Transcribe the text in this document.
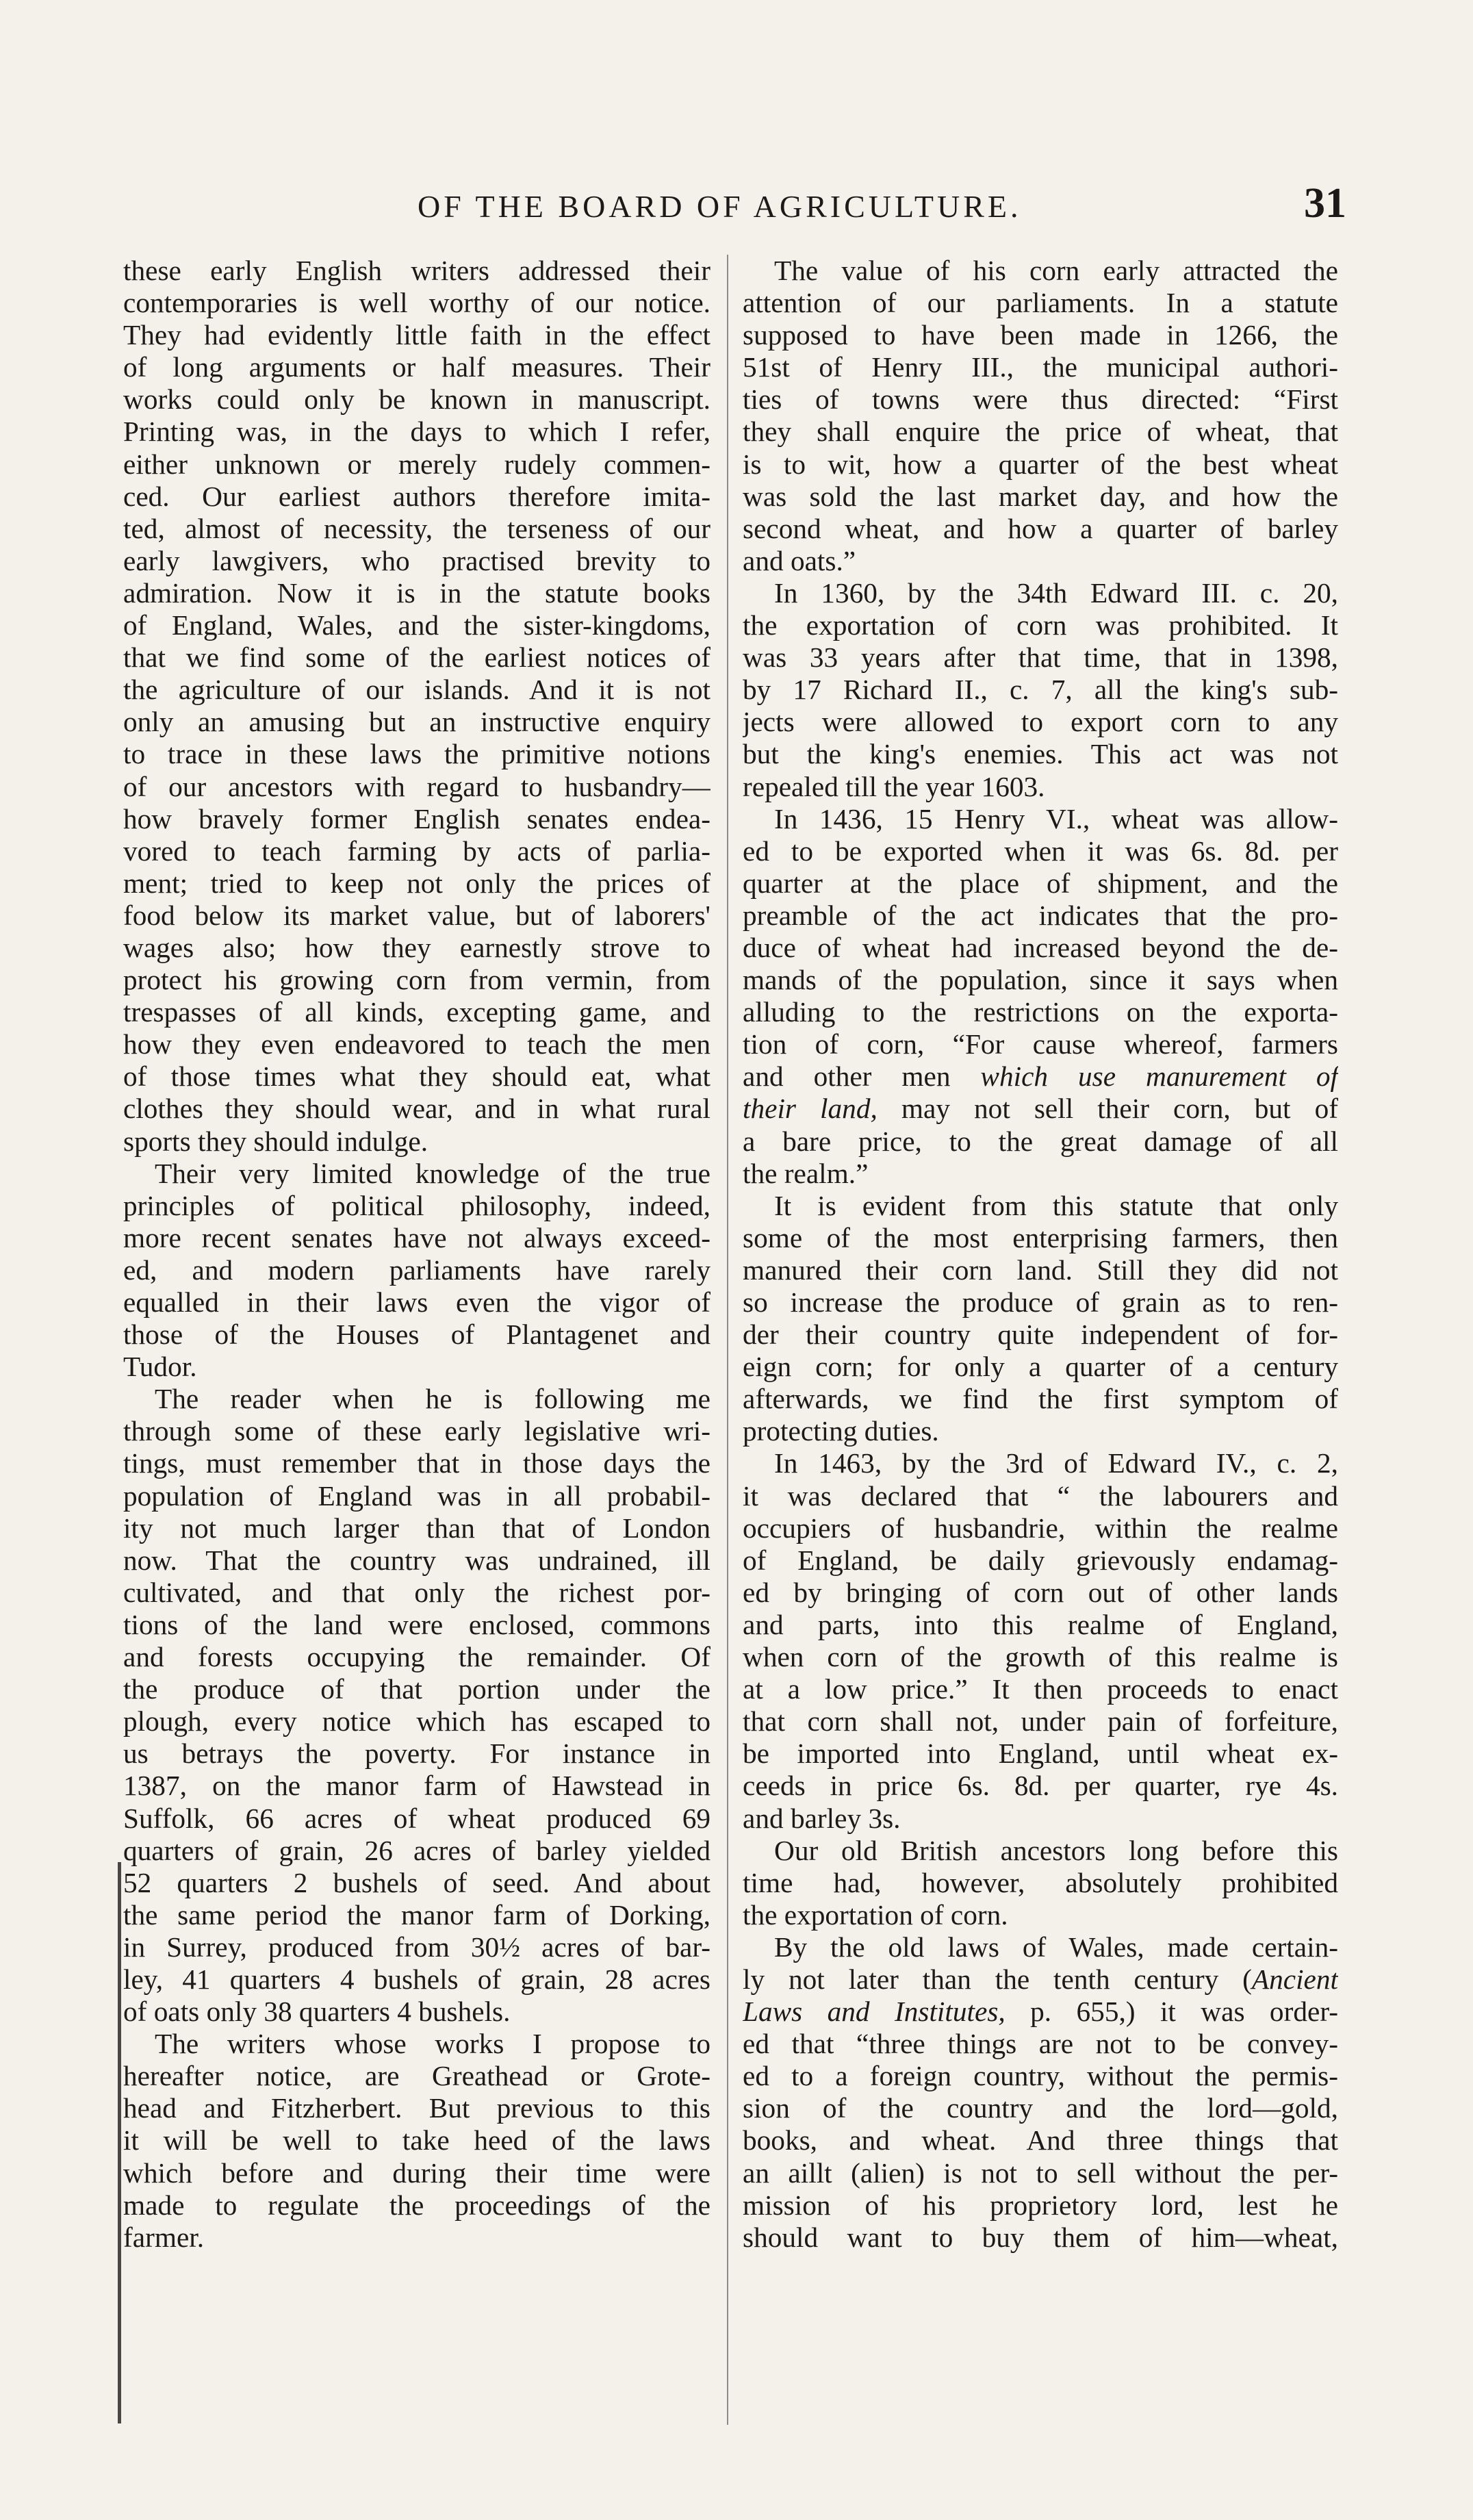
OF THE BOARD OF AGRICULTURE.	31
these early English writers addressed their
contemporaries is well worthy of our notice.
They had evidently little faith in the effect
of long arguments or half measures. Their
works could only be known in manuscript.
Printing was, in the days to which I refer,
either unknown or merely rudely commen-
ced. Our earliest authors therefore imita-
ted, almost of necessity, the terseness of our
early lawgivers, who practised brevity to
admiration. Now it is in the statute books
of England, Wales, and the sister-kingdoms,
that we find some of the earliest notices of
the agriculture of our islands. And it is not
only an amusing but an instructive enquiry
to trace in these laws the primitive notions
of our ancestors with regard to husbandry—
how bravely former English senates endea-
vored to teach farming by acts of parlia-
ment; tried to keep not only the prices of
food below its market value, but of laborers'
wages also; how they earnestly strove to
protect his growing corn from vermin, from
trespasses of all kinds, excepting game, and
how they even endeavored to teach the men
of those times what they should eat, what
clothes they should wear, and in what rural
sports they should indulge.
Their very limited knowledge of the true
principles of political philosophy, indeed,
more recent senates have not always exceed-
ed, and modern parliaments have rarely
equalled in their laws even the vigor of
those of the Houses of Plantagenet and
Tudor.
The reader when he is following me
through some of these early legislative wri-
tings, must remember that in those days the
population of England was in all probabil-
ity not much larger than that of London
now. That the country was undrained, ill
cultivated, and that only the richest por-
tions of the land were enclosed, commons
and forests occupying the remainder. Of
the produce of that portion under the
plough, every notice which has escaped to
us betrays the poverty. For instance in
1387, on the manor farm of Hawstead in
Suffolk, 66 acres of wheat produced 69
quarters of grain, 26 acres of barley yielded
52 quarters 2 bushels of seed. And about
the same period the manor farm of Dorking,
in Surrey, produced from 30½ acres of bar-
ley, 41 quarters 4 bushels of grain, 28 acres
of oats only 38 quarters 4 bushels.
The writers whose works I propose to
hereafter notice, are Greathead or Grote-
head and Fitzherbert. But previous to this
it will be well to take heed of the laws
which before and during their time were
made to regulate the proceedings of the
farmer.
The value of his corn early attracted the
attention of our parliaments. In a statute
supposed to have been made in 1266, the
51st of Henry III., the municipal authori-
ties of towns were thus directed: “First
they shall enquire the price of wheat, that
is to wit, how a quarter of the best wheat
was sold the last market day, and how the
second wheat, and how a quarter of barley
and oats.”
In 1360, by the 34th Edward III. c. 20,
the exportation of corn was prohibited. It
was 33 years after that time, that in 1398,
by 17 Richard II., c. 7, all the king's sub-
jects were allowed to export corn to any
but the king's enemies. This act was not
repealed till the year 1603.
In 1436, 15 Henry VI., wheat was allow-
ed to be exported when it was 6s. 8d. per
quarter at the place of shipment, and the
preamble of the act indicates that the pro-
duce of wheat had increased beyond the de-
mands of the population, since it says when
alluding to the restrictions on the exporta-
tion of corn, “For cause whereof, farmers
and other men which use manurement of
their land, may not sell their corn, but of
a bare price, to the great damage of all
the realm.”
It is evident from this statute that only
some of the most enterprising farmers, then
manured their corn land. Still they did not
so increase the produce of grain as to ren-
der their country quite independent of for-
eign corn; for only a quarter of a century
afterwards, we find the first symptom of
protecting duties.
In 1463, by the 3rd of Edward IV., c. 2,
it was declared that “ the labourers and
occupiers of husbandrie, within the realme
of England, be daily grievously endamag-
ed by bringing of corn out of other lands
and parts, into this realme of England,
when corn of the growth of this realme is
at a low price.” It then proceeds to enact
that corn shall not, under pain of forfeiture,
be imported into England, until wheat ex-
ceeds in price 6s. 8d. per quarter, rye 4s.
and barley 3s.
Our old British ancestors long before this
time had, however, absolutely prohibited
the exportation of corn.
By the old laws of Wales, made certain-
ly not later than the tenth century (Ancient
Laws and Institutes, p. 655,) it was order-
ed that “three things are not to be convey-
ed to a foreign country, without the permis-
sion of the country and the lord—gold,
books, and wheat. And three things that
an aillt (alien) is not to sell without the per-
mission of his proprietory lord, lest he
should want to buy them of him—wheat,
